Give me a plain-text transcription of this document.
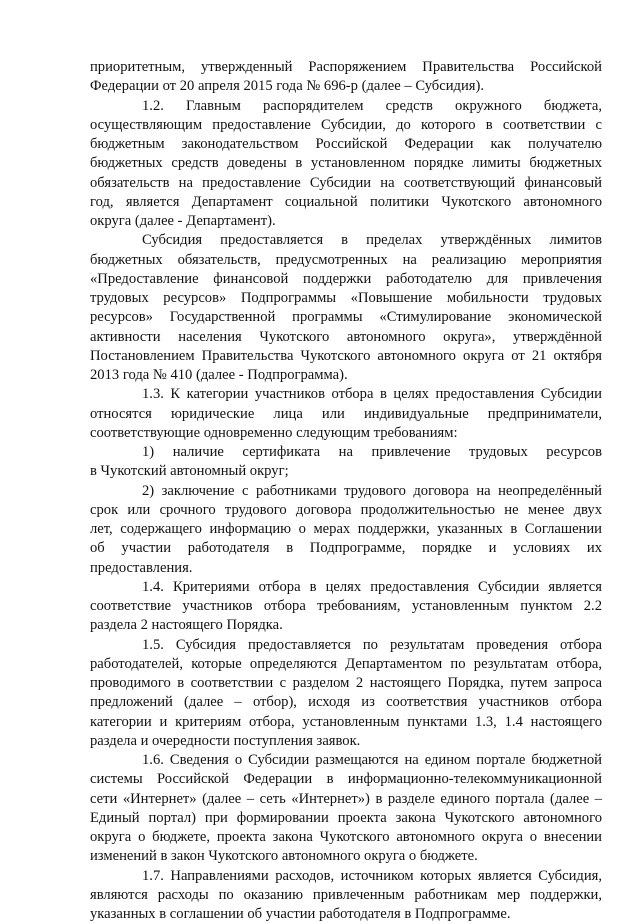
приоритетным, утвержденный Распоряжением Правительства Российской
Федерации от 20 апреля 2015 года № 696-р (далее – Субсидия).
1.2. Главным распорядителем средств окружного бюджета,
осуществляющим предоставление Субсидии, до которого в соответствии с
бюджетным законодательством Российской Федерации как получателю
бюджетных средств доведены в установленном порядке лимиты бюджетных
обязательств на предоставление Субсидии на соответствующий финансовый
год, является Департамент социальной политики Чукотского автономного
округа (далее - Департамент).
Субсидия предоставляется в пределах утверждённых лимитов
бюджетных обязательств, предусмотренных на реализацию мероприятия
«Предоставление финансовой поддержки работодателю для привлечения
трудовых ресурсов» Подпрограммы «Повышение мобильности трудовых
ресурсов» Государственной программы «Стимулирование экономической
активности населения Чукотского автономного округа», утверждённой
Постановлением Правительства Чукотского автономного округа от 21 октября
2013 года № 410 (далее - Подпрограмма).
1.3. К категории участников отбора в целях предоставления Субсидии
относятся юридические лица или индивидуальные предприниматели,
соответствующие одновременно следующим требованиям:
1) наличие сертификата на привлечение трудовых ресурсов
в Чукотский автономный округ;
2) заключение с работниками трудового договора на неопределённый
срок или срочного трудового договора продолжительностью не менее двух
лет, содержащего информацию о мерах поддержки, указанных в Соглашении
об участии работодателя в Подпрограмме, порядке и условиях их
предоставления.
1.4. Критериями отбора в целях предоставления Субсидии является
соответствие участников отбора требованиям, установленным пунктом 2.2
раздела 2 настоящего Порядка.
1.5. Субсидия предоставляется по результатам проведения отбора
работодателей, которые определяются Департаментом по результатам отбора,
проводимого в соответствии с разделом 2 настоящего Порядка, путем запроса
предложений (далее – отбор), исходя из соответствия участников отбора
категории и критериям отбора, установленным пунктами 1.3, 1.4 настоящего
раздела и очередности поступления заявок.
1.6. Сведения о Субсидии размещаются на едином портале бюджетной
системы Российской Федерации в информационно-телекоммуникационной
сети «Интернет» (далее – сеть «Интернет») в разделе единого портала (далее –
Единый портал) при формировании проекта закона Чукотского автономного
округа о бюджете, проекта закона Чукотского автономного округа о внесении
изменений в закон Чукотского автономного округа о бюджете.
1.7. Направлениями расходов, источником которых является Субсидия,
являются расходы по оказанию привлеченным работникам мер поддержки,
указанных в соглашении об участии работодателя в Подпрограмме.
